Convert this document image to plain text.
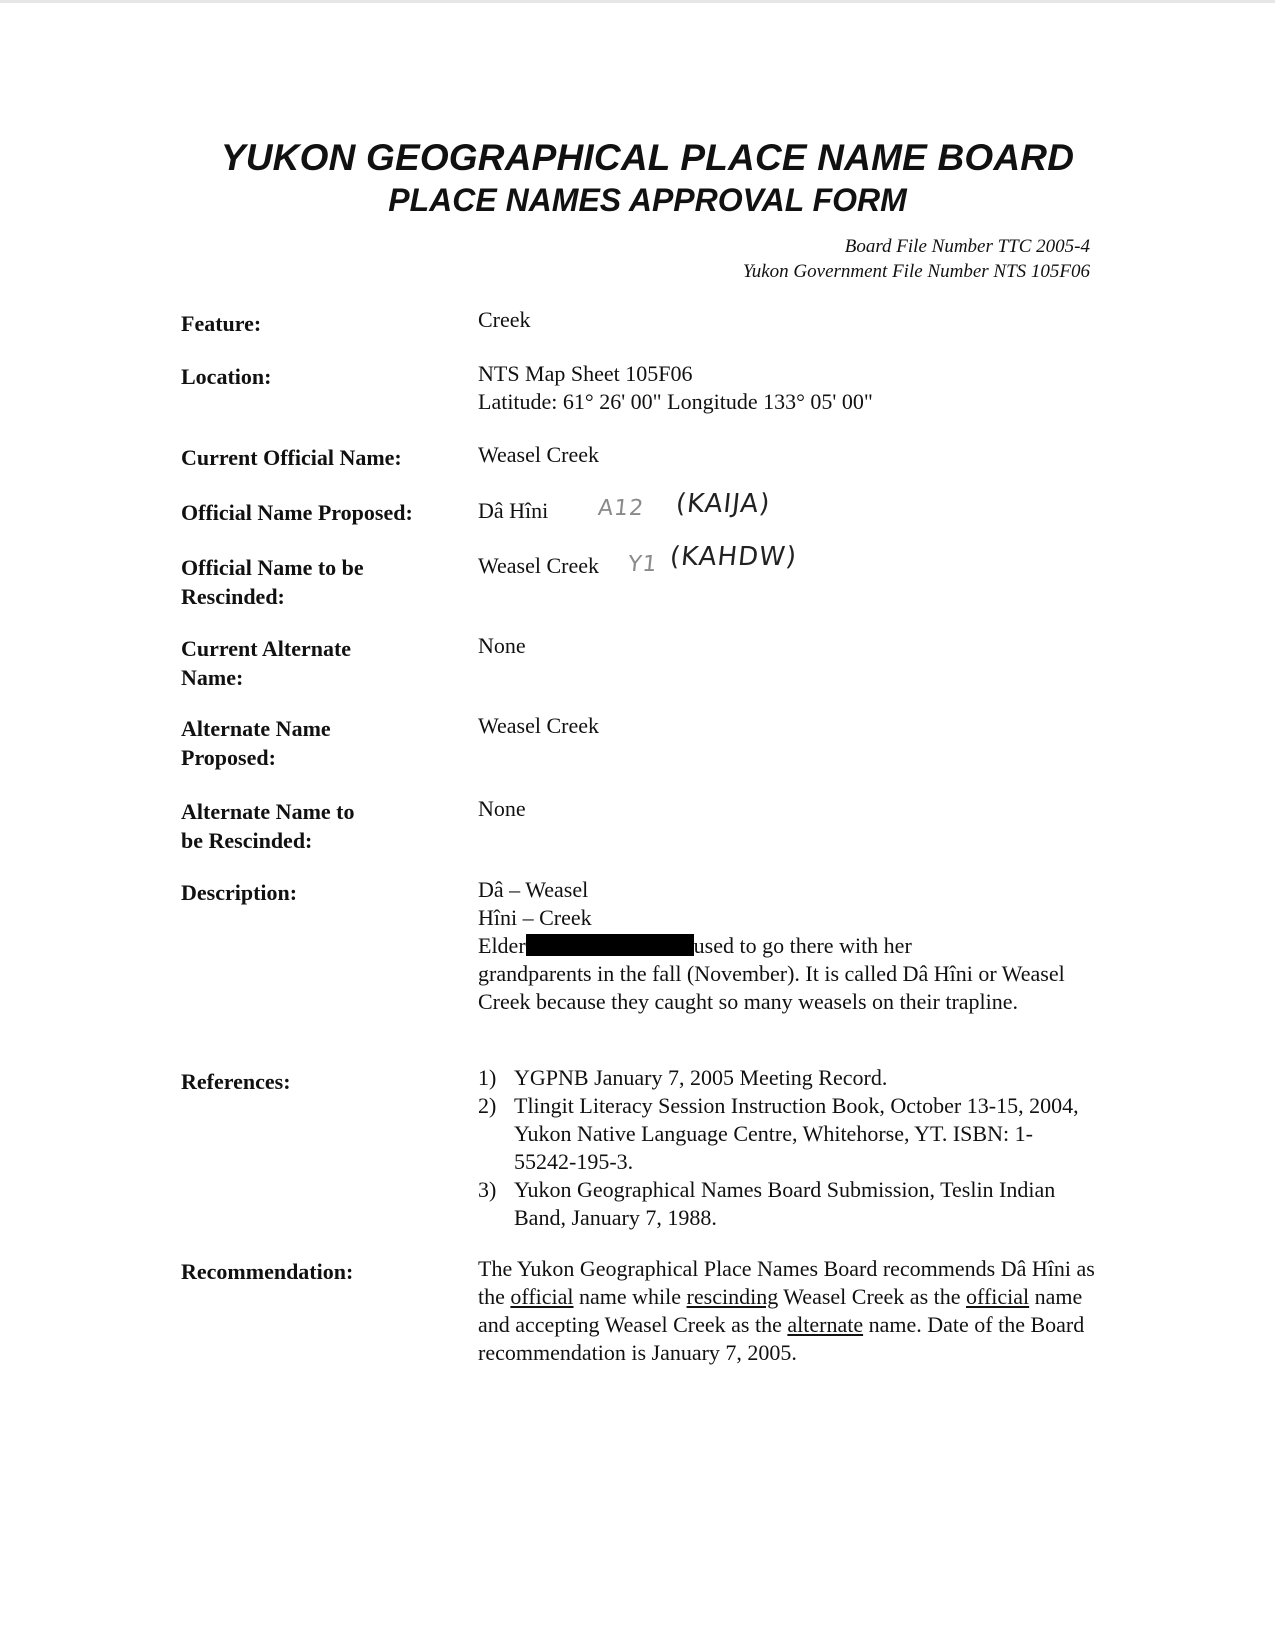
YUKON GEOGRAPHICAL PLACE NAME BOARD
PLACE NAMES APPROVAL FORM
Board File Number TTC 2005-4
Yukon Government File Number NTS 105F06
Feature:	Creek
Location:	NTS Map Sheet 105F06
Latitude: 61° 26' 00" Longitude 133° 05' 00"
Current Official Name:	Weasel Creek
Official Name Proposed:	Dâ Hîni	A12 (KAIJA)
Official Name to be Rescinded:
Weasel Creek	Y1 (KAHDW)
Current Alternate Name:
None
Alternate Name Proposed:
Weasel Creek
Alternate Name to be Rescinded:
None
Description:	Dâ – Weasel
Hîni – Creek
Elder	used to go there with her
grandparents in the fall (November). It is called Dâ Hîni or Weasel Creek because they caught so many weasels on their trapline.
References:	1) YGPNB January 7, 2005 Meeting Record.
2) Tlingit Literacy Session Instruction Book, October 13-15, 2004, Yukon Native Language Centre, Whitehorse, YT. ISBN: 1-55242-195-3.
3) Yukon Geographical Names Board Submission, Teslin Indian Band, January 7, 1988.
Recommendation:	The Yukon Geographical Place Names Board recommends Dâ Hîni as the official name while rescinding Weasel Creek as the official name and accepting Weasel Creek as the alternate name. Date of the Board recommendation is January 7, 2005.
